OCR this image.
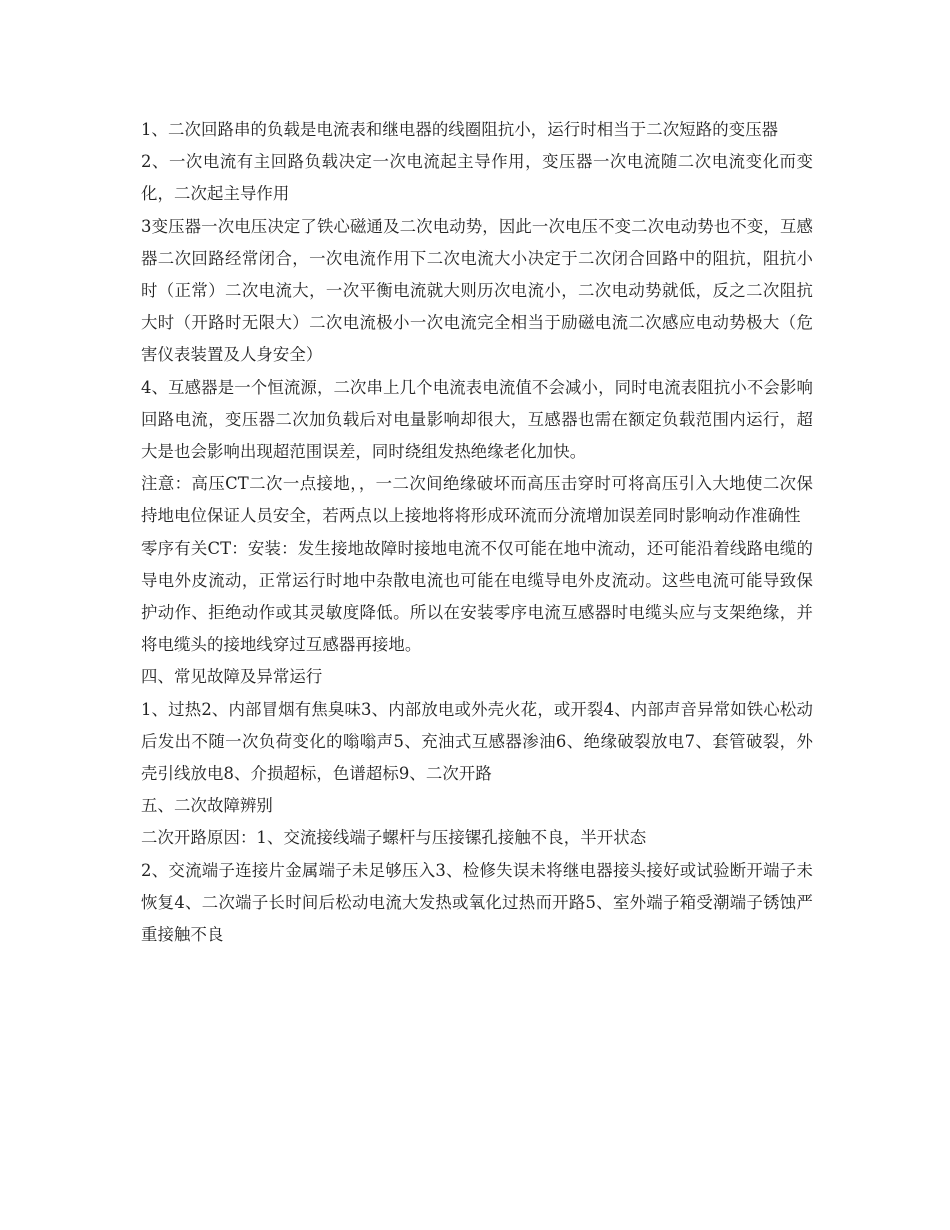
1、二次回路串的负载是电流表和继电器的线圈阻抗小，运行时相当于二次短路的变压器

2、一次电流有主回路负载决定一次电流起主导作用，变压器一次电流随二次电流变化而变化，二次起主导作用

3变压器一次电压决定了铁心磁通及二次电动势，因此一次电压不变二次电动势也不变，互感器二次回路经常闭合，一次电流作用下二次电流大小决定于二次闭合回路中的阻抗，阻抗小时（正常）二次电流大，一次平衡电流就大则历次电流小，二次电动势就低，反之二次阻抗大时（开路时无限大）二次电流极小一次电流完全相当于励磁电流二次感应电动势极大（危害仪表装置及人身安全）

4、互感器是一个恒流源，二次串上几个电流表电流值不会减小，同时电流表阻抗小不会影响回路电流，变压器二次加负载后对电量影响却很大，互感器也需在额定负载范围内运行，超大是也会影响出现超范围误差，同时绕组发热绝缘老化加快。

注意：高压CT二次一点接地，，一二次间绝缘破坏而高压击穿时可将高压引入大地使二次保持地电位保证人员安全，若两点以上接地将将形成环流而分流增加误差同时影响动作准确性

零序有关CT：安装：发生接地故障时接地电流不仅可能在地中流动，还可能沿着线路电缆的导电外皮流动，正常运行时地中杂散电流也可能在电缆导电外皮流动。这些电流可能导致保护动作、拒绝动作或其灵敏度降低。所以在安装零序电流互感器时电缆头应与支架绝缘，并将电缆头的接地线穿过互感器再接地。

四、常见故障及异常运行

1、过热2、内部冒烟有焦臭味3、内部放电或外壳火花，或开裂4、内部声音异常如铁心松动后发出不随一次负荷变化的嗡嗡声5、充油式互感器渗油6、绝缘破裂放电7、套管破裂，外壳引线放电8、介损超标，色谱超标9、二次开路

五、二次故障辨别

二次开路原因：1、交流接线端子螺杆与压接镙孔接触不良，半开状态

2、交流端子连接片金属端子未足够压入3、检修失误未将继电器接头接好或试验断开端子未恢复4、二次端子长时间后松动电流大发热或氧化过热而开路5、室外端子箱受潮端子锈蚀严重接触不良
